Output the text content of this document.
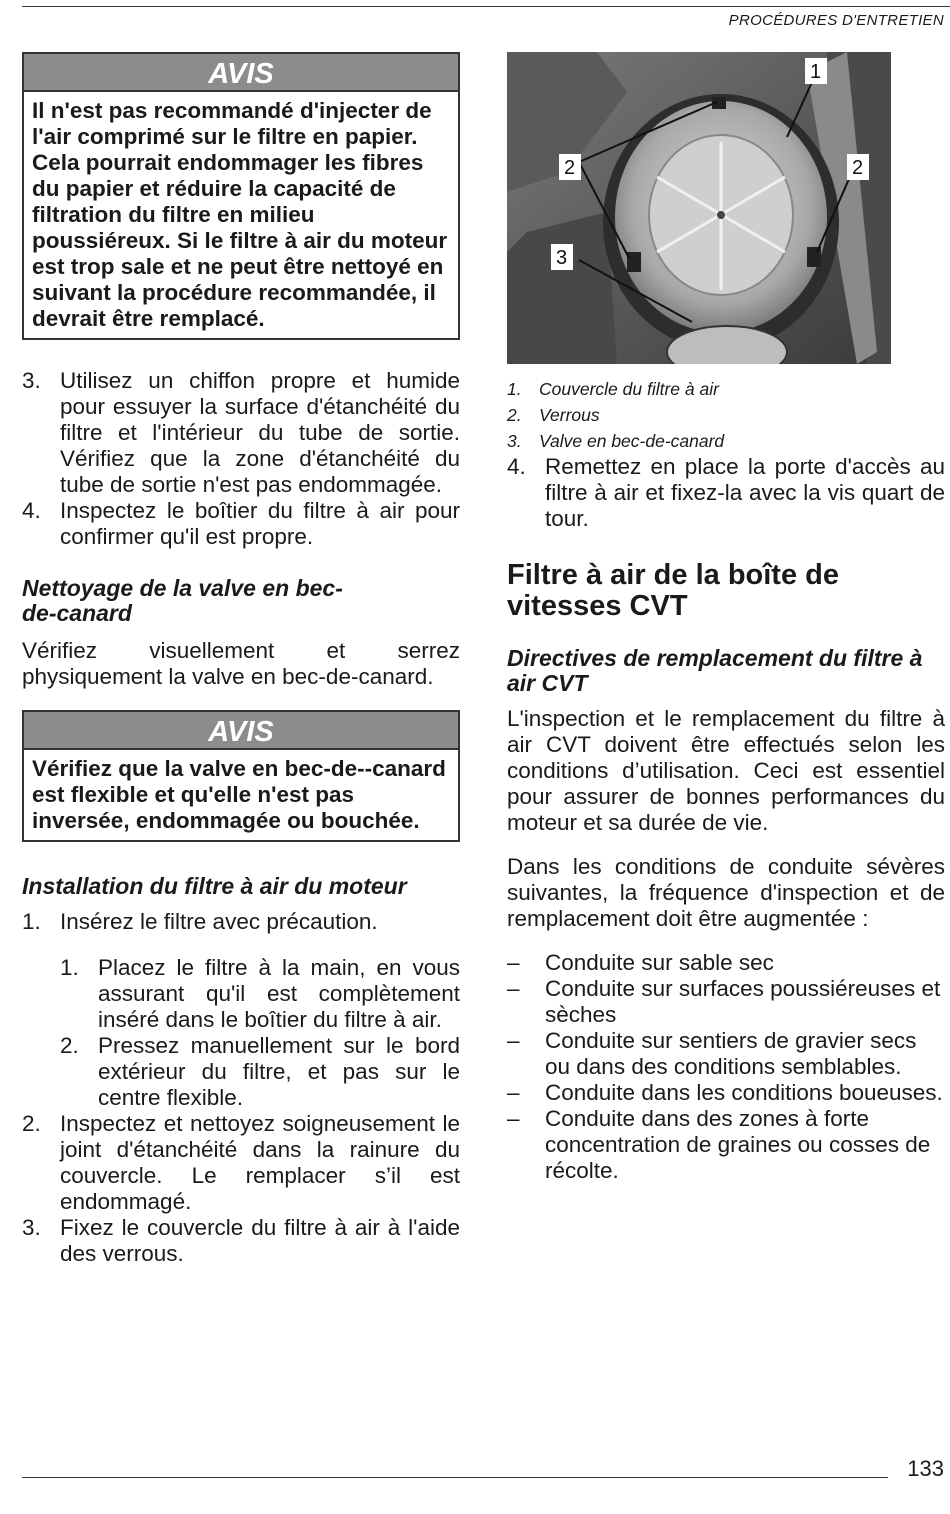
PROCÉDURES D'ENTRETIEN
AVIS
Il n'est pas recommandé d'injecter de l'air comprimé sur le filtre en papier. Cela pourrait endommager les fibres du papier et réduire la capacité de filtration du filtre en milieu poussiéreux. Si le filtre à air du moteur est trop sale et ne peut être nettoyé en suivant la procédure recommandée, il devrait être remplacé.
3. Utilisez un chiffon propre et humide pour essuyer la surface d'étanchéité du filtre et l'intérieur du tube de sortie. Vérifiez que la zone d'étanchéité du tube de sortie n'est pas endommagée.
4. Inspectez le boîtier du filtre à air pour confirmer qu'il est propre.
Nettoyage de la valve en bec-de-canard
Vérifiez visuellement et serrez physiquement la valve en bec-de-canard.
AVIS
Vérifiez que la valve en bec-de--canard est flexible et qu'elle n'est pas inversée, endommagée ou bouchée.
Installation du filtre à air du moteur
1. Insérez le filtre avec précaution.
1. Placez le filtre à la main, en vous assurant qu'il est complètement inséré dans le boîtier du filtre à air.
2. Pressez manuellement sur le bord extérieur du filtre, et pas sur le centre flexible.
2. Inspectez et nettoyez soigneusement le joint d'étanchéité dans la rainure du couvercle. Le remplacer s’il est endommagé.
3. Fixez le couvercle du filtre à air à l'aide des verrous.
1
2	2
3
1. Couvercle du filtre à air
2. Verrous
3. Valve en bec-de-canard
4. Remettez en place la porte d'accès au filtre à air et fixez-la avec la vis quart de tour.
Filtre à air de la boîte de vitesses CVT
Directives de remplacement du filtre à air CVT
L'inspection et le remplacement du filtre à air CVT doivent être effectués selon les conditions d’utilisation. Ceci est essentiel pour assurer de bonnes performances du moteur et sa durée de vie.
Dans les conditions de conduite sévères suivantes, la fréquence d'inspection et de remplacement doit être augmentée :
–	Conduite sur sable sec
–	Conduite sur surfaces poussiéreuses et sèches
–	Conduite sur sentiers de gravier secs ou dans des conditions semblables.
–	Conduite dans les conditions boueuses.
–	Conduite dans des zones à forte concentration de graines ou cosses de récolte.
133
